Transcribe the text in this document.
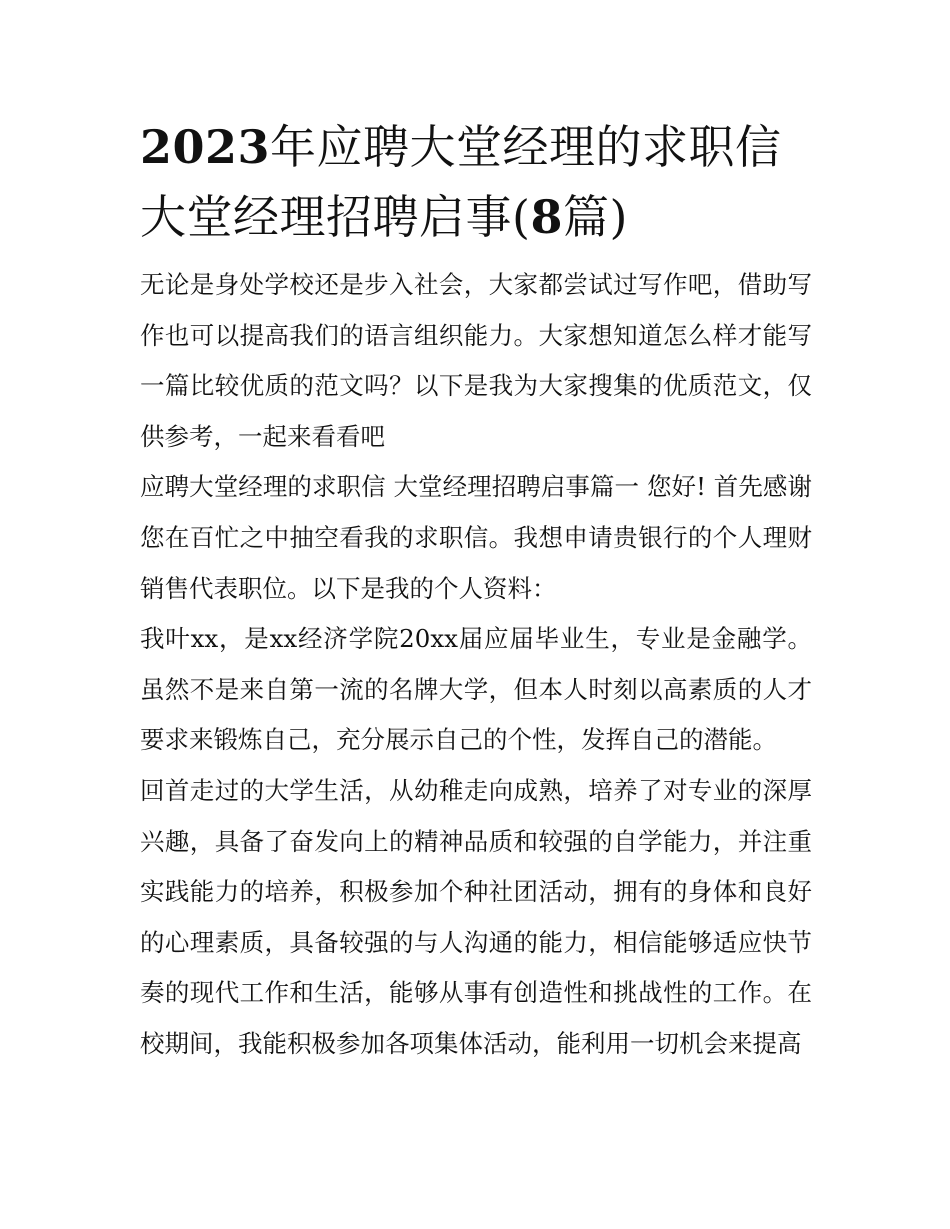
2023年应聘大堂经理的求职信
大堂经理招聘启事(8篇)

无论是身处学校还是步入社会，大家都尝试过写作吧，借助写作也可以提高我们的语言组织能力。大家想知道怎么样才能写一篇比较优质的范文吗？以下是我为大家搜集的优质范文，仅供参考，一起来看看吧

应聘大堂经理的求职信 大堂经理招聘启事篇一 您好! 首先感谢您在百忙之中抽空看我的求职信。我想申请贵银行的个人理财销售代表职位。以下是我的个人资料：

我叶xx，是xx经济学院20xx届应届毕业生，专业是金融学。虽然不是来自第一流的名牌大学，但本人时刻以高素质的人才要求来锻炼自己，充分展示自己的个性，发挥自己的潜能。

回首走过的大学生活，从幼稚走向成熟，培养了对专业的深厚兴趣，具备了奋发向上的精神品质和较强的自学能力，并注重实践能力的培养，积极参加个种社团活动，拥有的身体和良好的心理素质，具备较强的与人沟通的能力，相信能够适应快节奏的现代工作和生活，能够从事有创造性和挑战性的工作。在校期间，我能积极参加各项集体活动，能利用一切机会来提高
